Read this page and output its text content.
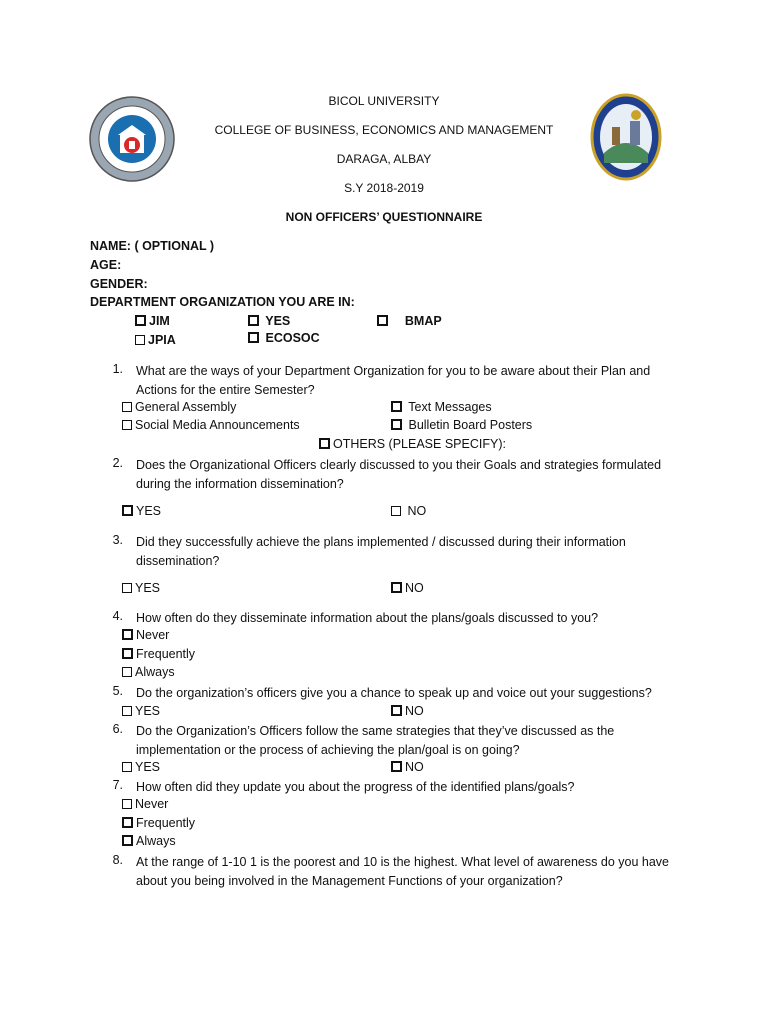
BICOL UNIVERSITY
COLLEGE OF BUSINESS, ECONOMICS AND MANAGEMENT
DARAGA, ALBAY
S.Y 2018-2019
NON OFFICERS’ QUESTIONNAIRE
NAME: ( OPTIONAL )
AGE:
GENDER:
DEPARTMENT ORGANIZATION YOU ARE IN:
JIM	YES	BMAP
JPIA	ECOSOC
1. What are the ways of your Department Organization for you to be aware about their Plan and Actions for the entire Semester?
General Assembly	Text Messages
Social Media Announcements	Bulletin Board Posters
OTHERS (PLEASE SPECIFY):
2. Does the Organizational Officers clearly discussed to you their Goals and strategies formulated during the information dissemination?
YES	NO
3. Did they successfully achieve the plans implemented / discussed during their information dissemination?
YES	NO
4. How often do they disseminate information about the plans/goals discussed to you?
Never
Frequently
Always
5. Do the organization’s officers give you a chance to speak up and voice out your suggestions?
YES	NO
6. Do the Organization’s Officers follow the same strategies that they’ve discussed as the implementation or the process of achieving the plan/goal is on going?
YES	NO
7. How often did they update you about the progress of the identified plans/goals?
Never
Frequently
Always
8. At the range of 1-10 1 is the poorest and 10 is the highest. What level of awareness do you have about you being involved in the Management Functions of your organization?
